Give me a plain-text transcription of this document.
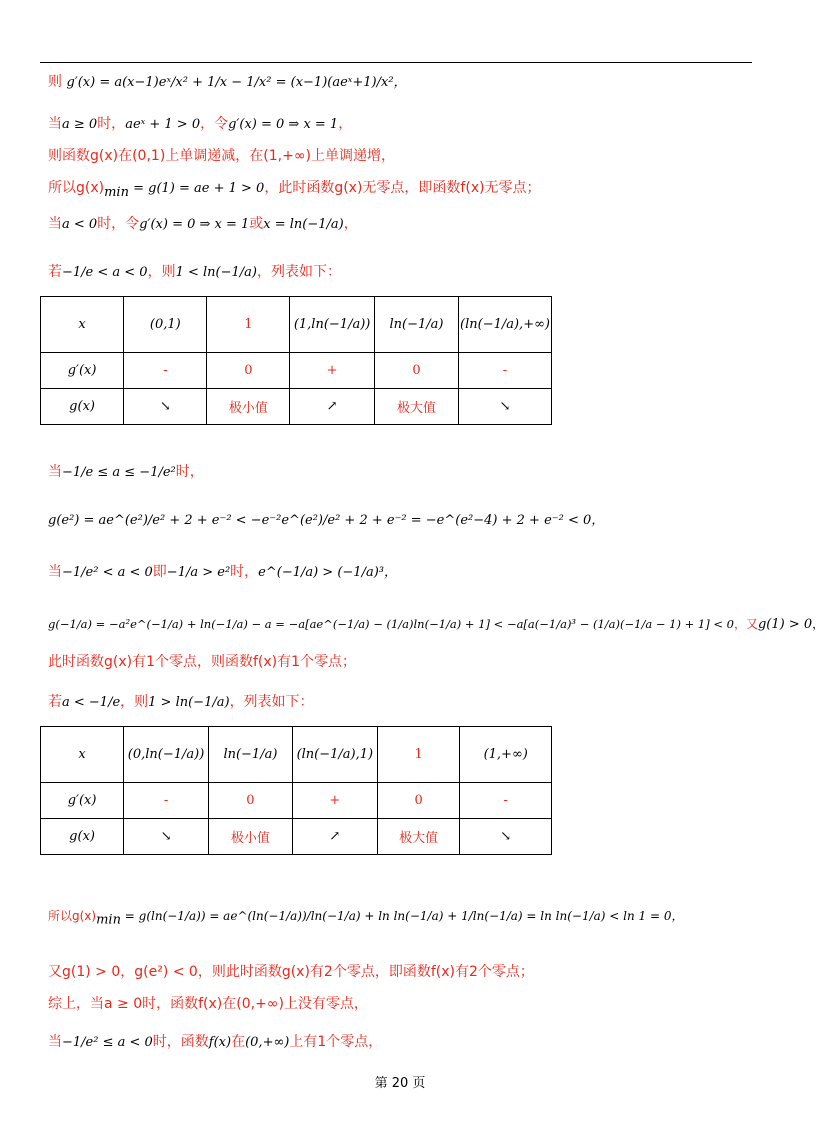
则 g′(x) = a(x−1)eˣ/x² + 1/x − 1/x² = (x−1)(aeˣ+1)/x²，
当a ≥ 0时，aeˣ + 1 > 0，令g′(x) = 0 ⇒ x = 1，
则函数g(x)在(0,1)上单调递减，在(1,+∞)上单调递增，
所以$g(x)_{min} = g(1)$ = ae + 1 > 0，此时函数g(x)无零点，即函数f(x)无零点；
当a < 0时，令g′(x) = 0 ⇒ x = 1或x = ln(−1/a)，
若−1/e < a < 0，则1 < ln(−1/a)，列表如下：
x	(0,1)	1	(1,ln(−1/a))	ln(−1/a)	(ln(−1/a),+∞)
g′(x)	-	0	+	0	-
g(x)	↘	极小值	↗	极大值	↘
当−1/e ≤ a ≤ −1/e²时，
g(e²) = ae^(e²)/e² + 2 + e⁻² < −e⁻²e^(e²)/e² + 2 + e⁻² = −e^(e²−4) + 2 + e⁻² < 0，
当−1/e² < a < 0即−1/a > e²时，e^(−1/a) > (−1/a)³，
g(−1/a) = −a²e^(−1/a) + ln(−1/a) − a = −a[ae^(−1/a) − (1/a)ln(−1/a) + 1] < −a[a(−1/a)³ − (1/a)(−1/a − 1) + 1] < 0，又g(1) > 0，
此时函数g(x)有1个零点，则函数f(x)有1个零点；
若a < −1/e，则1 > ln(−1/a)，列表如下：
x	(0,ln(−1/a))	ln(−1/a)	(ln(−1/a),1)	1	(1,+∞)
g′(x)	-	0	+	0	-
g(x)	↘	极小值	↗	极大值	↘
所以$g(x)_{min} = g(\ln(-1/a))$ = ae^(ln(−1/a))/ln(−1/a) + ln ln(−1/a) + 1/ln(−1/a) = ln ln(−1/a) < ln 1 = 0，
又g(1) > 0，g(e²) < 0，则此时函数g(x)有2个零点，即函数f(x)有2个零点；
综上，当a ≥ 0时，函数f(x)在(0,+∞)上没有零点，
当−1/e² ≤ a < 0时，函数f(x)在(0,+∞)上有1个零点，
第 20 页
